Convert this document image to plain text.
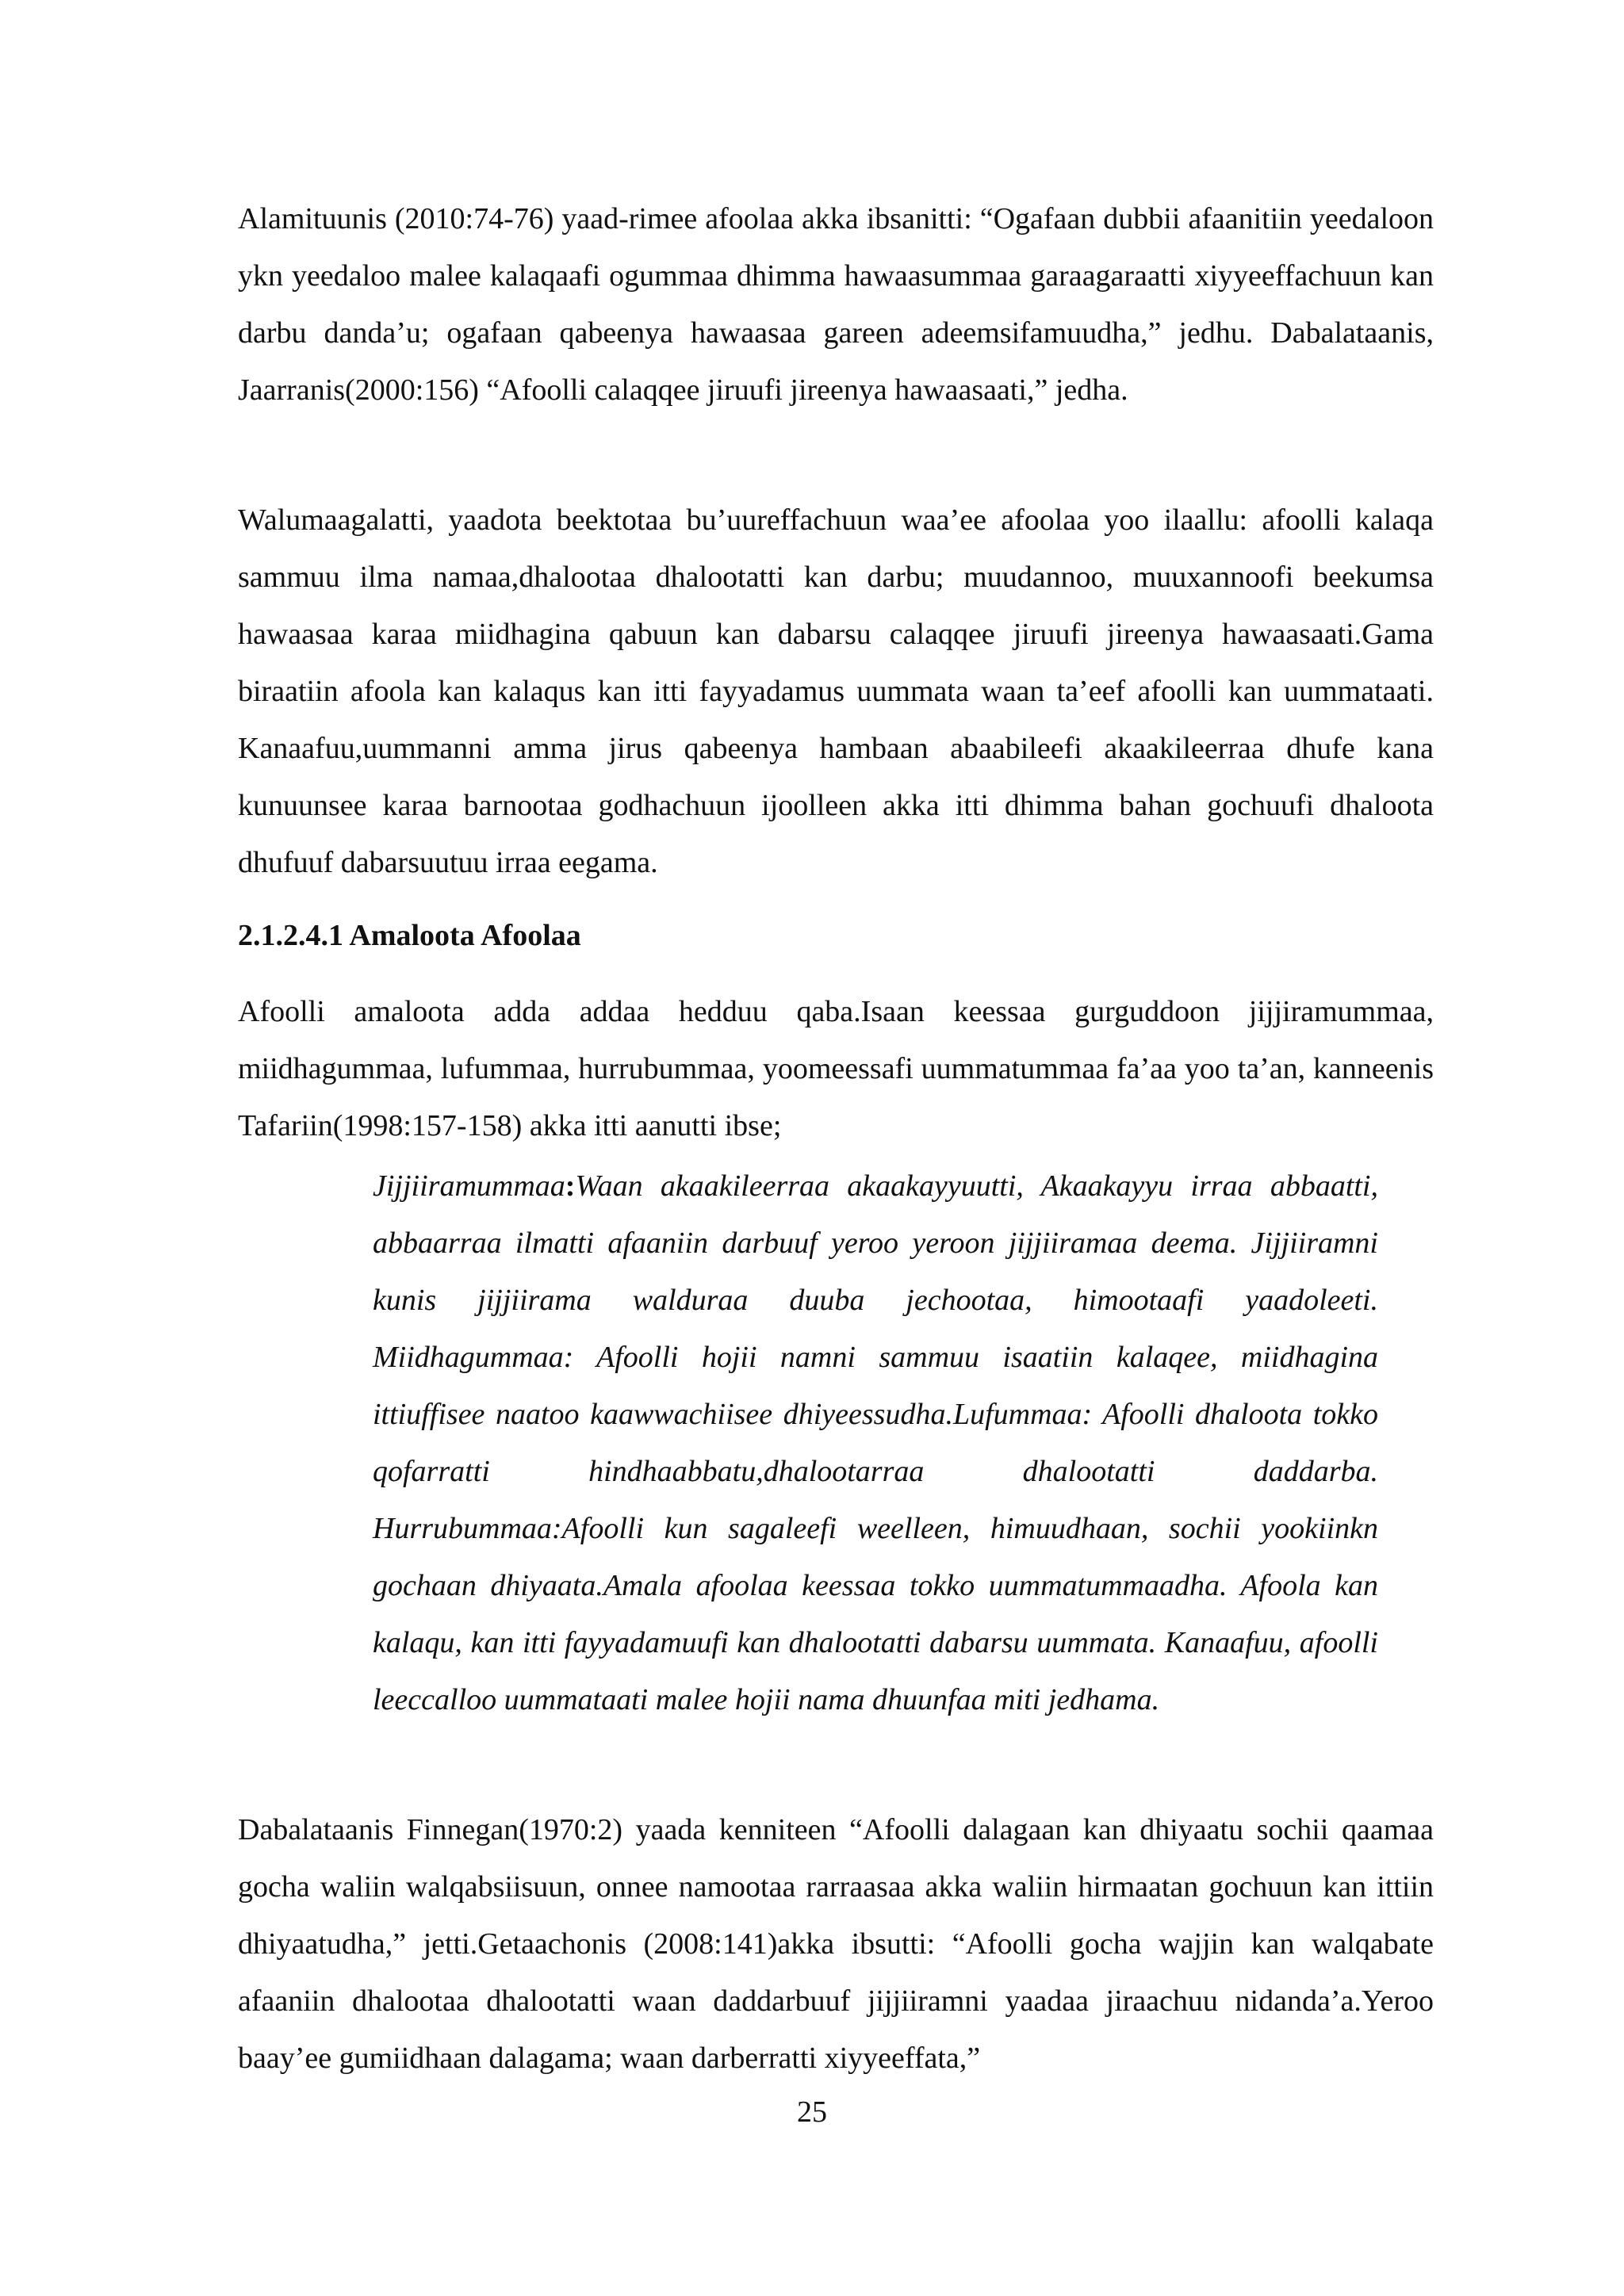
Alamituunis (2010:74-76) yaad-rimee afoolaa akka ibsanitti: “Ogafaan dubbii afaanitiin yeedaloon ykn yeedaloo malee kalaqaafi ogummaa dhimma hawaasummaa garaagaraatti xiyyeeffachuun kan darbu danda’u; ogafaan qabeenya hawaasaa gareen adeemsifamuudha,” jedhu. Dabalataanis, Jaarranis(2000:156) “Afoolli calaqqee jiruufi jireenya hawaasaati,” jedha.

Walumaagalatti, yaadota beektotaa bu’uureffachuun waa’ee afoolaa yoo ilaallu: afoolli kalaqa sammuu ilma namaa,dhalootaa dhalootatti kan darbu; muudannoo, muuxannoofi beekumsa hawaasaa karaa miidhagina qabuun kan dabarsu calaqqee jiruufi jireenya hawaasaati.Gama biraatiin afoola kan kalaqus kan itti fayyadamus uummata waan ta’eef afoolli kan uummataati. Kanaafuu,uummanni amma jirus qabeenya hambaan abaabileefi akaakileerraa dhufe kana kunuunsee karaa barnootaa godhachuun ijoolleen akka itti dhimma bahan gochuufi dhaloota dhufuuf dabarsuutuu irraa eegama.

2.1.2.4.1 Amaloota Afoolaa

Afoolli amaloota adda addaa hedduu qaba.Isaan keessaa gurguddoon jijjiramummaa, miidhagummaa, lufummaa, hurrubummaa, yoomeessafi uummatummaa fa’aa yoo ta’an, kanneenis Tafariin(1998:157-158) akka itti aanutti ibse;

Jijjiiramummaa:Waan akaakileerraa akaakayyuutti, Akaakayyu irraa abbaatti, abbaarraa ilmatti afaaniin darbuuf yeroo yeroon jijjiiramaa deema. Jijjiiramni kunis jijjiirama walduraa duuba jechootaa, himootaafi yaadoleeti. Miidhagummaa: Afoolli hojii namni sammuu isaatiin kalaqee, miidhagina ittiuffisee naatoo kaawwachiisee dhiyeessudha.Lufummaa: Afoolli dhaloota tokko qofarratti hindhaabbatu,dhalootarraa dhalootatti daddarba. Hurrubummaa:Afoolli kun sagaleefi weelleen, himuudhaan, sochii yookiinkn gochaan dhiyaata.Amala afoolaa keessaa tokko uummatummaadha. Afoola kan kalaqu, kan itti fayyadamuufi kan dhalootatti dabarsu uummata. Kanaafuu, afoolli leeccalloo uummataati malee hojii nama dhuunfaa miti jedhama.

Dabalataanis Finnegan(1970:2) yaada kenniteen “Afoolli dalagaan kan dhiyaatu sochii qaamaa gocha waliin walqabsiisuun, onnee namootaa rarraasaa akka waliin hirmaatan gochuun kan ittiin dhiyaatudha,” jetti.Getaachonis (2008:141)akka ibsutti: “Afoolli gocha wajjin kan walqabate afaaniin dhalootaa dhalootatti waan daddarbuuf jijjiiramni yaadaa jiraachuu nidanda’a.Yeroo baay’ee gumiidhaan dalagama; waan darberratti xiyyeeffata,”

25
